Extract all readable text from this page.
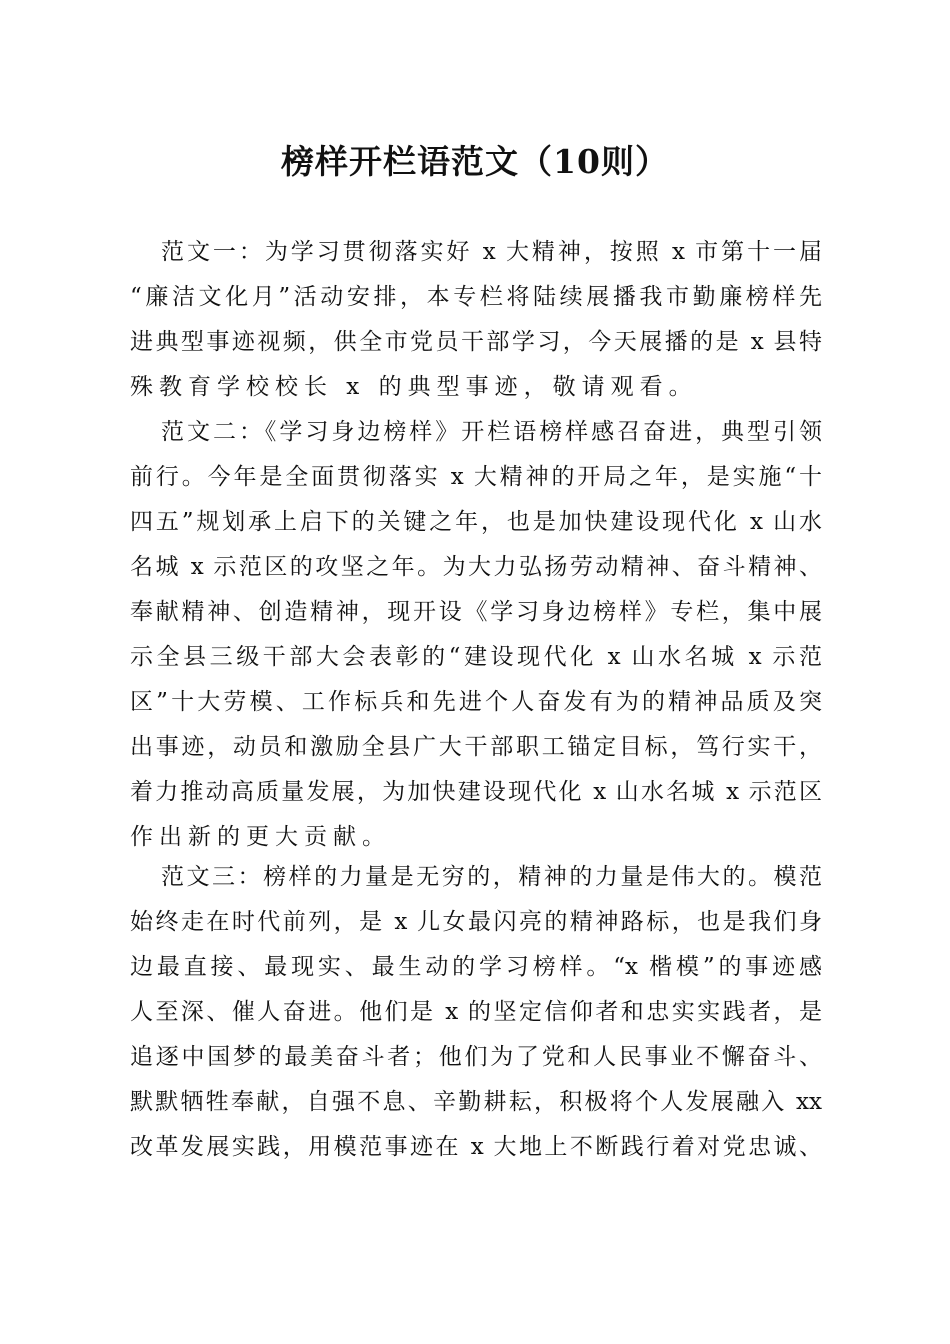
榜样开栏语范文（10则）
范文一：为学习贯彻落实好 x 大精神，按照 x 市第十一届
“廉洁文化月”活动安排，本专栏将陆续展播我市勤廉榜样先
进典型事迹视频，供全市党员干部学习，今天展播的是 x 县特
殊教育学校校长 x 的典型事迹，敬请观看。
范文二：《学习身边榜样》开栏语榜样感召奋进，典型引领
前行。今年是全面贯彻落实 x 大精神的开局之年，是实施“十
四五”规划承上启下的关键之年，也是加快建设现代化 x 山水
名城 x 示范区的攻坚之年。为大力弘扬劳动精神、奋斗精神、
奉献精神、创造精神，现开设《学习身边榜样》专栏，集中展
示全县三级干部大会表彰的“建设现代化 x 山水名城 x 示范
区”十大劳模、工作标兵和先进个人奋发有为的精神品质及突
出事迹，动员和激励全县广大干部职工锚定目标，笃行实干，
着力推动高质量发展，为加快建设现代化 x 山水名城 x 示范区
作出新的更大贡献。
范文三：榜样的力量是无穷的，精神的力量是伟大的。模范
始终走在时代前列，是 x 儿女最闪亮的精神路标，也是我们身
边最直接、最现实、最生动的学习榜样。“x 楷模”的事迹感
人至深、催人奋进。他们是 x 的坚定信仰者和忠实实践者，是
追逐中国梦的最美奋斗者；他们为了党和人民事业不懈奋斗、
默默牺牲奉献，自强不息、辛勤耕耘，积极将个人发展融入 xx
改革发展实践，用模范事迹在 x 大地上不断践行着对党忠诚、
